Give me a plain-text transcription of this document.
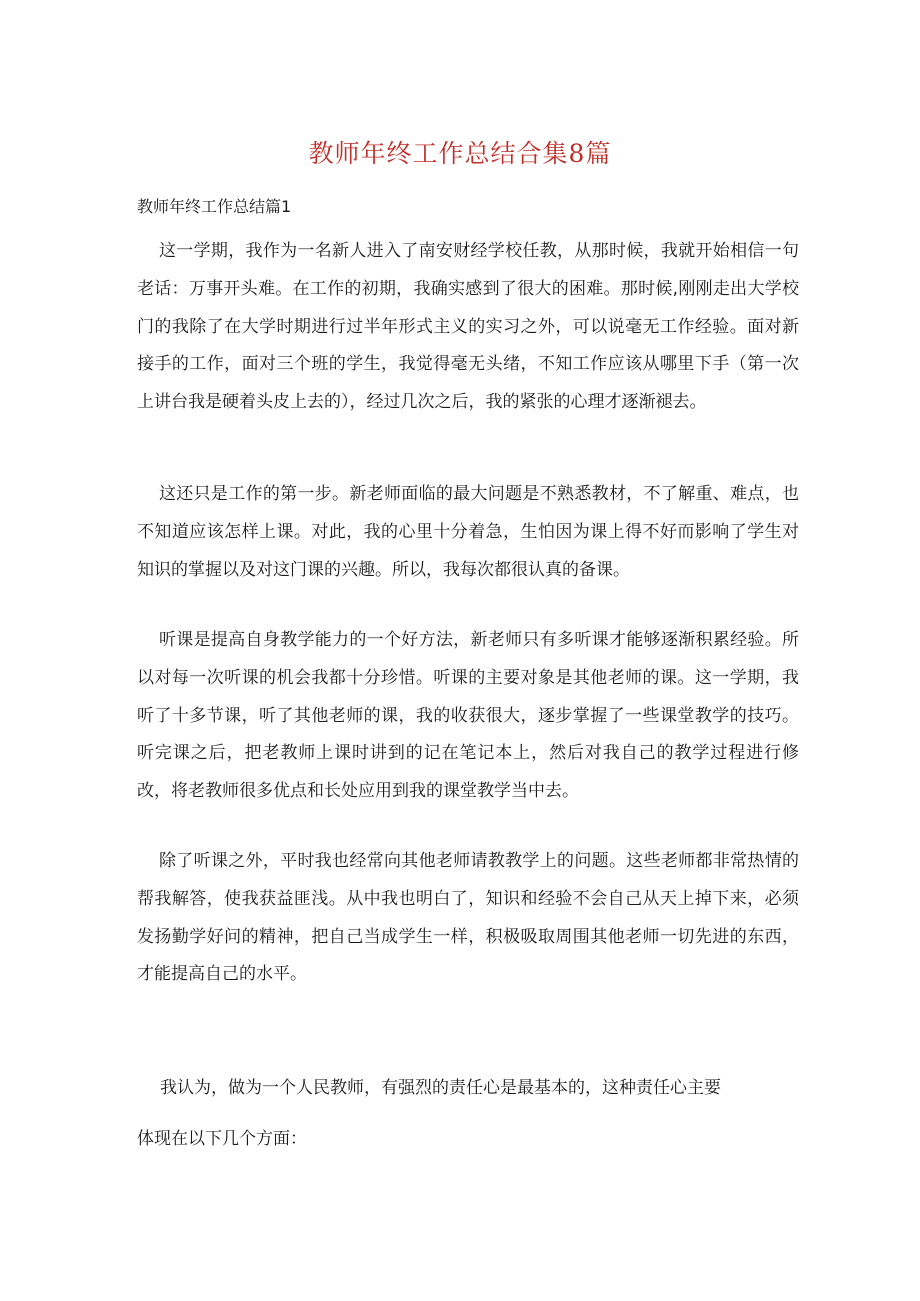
教师年终工作总结合集8篇
教师年终工作总结篇1

这一学期，我作为一名新人进入了南安财经学校任教，从那时候，我就开始相信一句老话：万事开头难。在工作的初期，我确实感到了很大的困难。那时候,刚刚走出大学校门的我除了在大学时期进行过半年形式主义的实习之外，可以说毫无工作经验。面对新接手的工作，面对三个班的学生，我觉得毫无头绪，不知工作应该从哪里下手（第一次上讲台我是硬着头皮上去的），经过几次之后，我的紧张的心理才逐渐褪去。

这还只是工作的第一步。新老师面临的最大问题是不熟悉教材，不了解重、难点，也不知道应该怎样上课。对此，我的心里十分着急，生怕因为课上得不好而影响了学生对知识的掌握以及对这门课的兴趣。所以，我每次都很认真的备课。

听课是提高自身教学能力的一个好方法，新老师只有多听课才能够逐渐积累经验。所以对每一次听课的机会我都十分珍惜。听课的主要对象是其他老师的课。这一学期，我听了十多节课，听了其他老师的课，我的收获很大，逐步掌握了一些课堂教学的技巧。听完课之后，把老教师上课时讲到的记在笔记本上，然后对我自己的教学过程进行修改，将老教师很多优点和长处应用到我的课堂教学当中去。

除了听课之外，平时我也经常向其他老师请教教学上的问题。这些老师都非常热情的帮我解答，使我获益匪浅。从中我也明白了，知识和经验不会自己从天上掉下来，必须发扬勤学好问的精神，把自己当成学生一样，积极吸取周围其他老师一切先进的东西，才能提高自己的水平。

我认为，做为一个人民教师，有强烈的责任心是最基本的，这种责任心主要
体现在以下几个方面：
